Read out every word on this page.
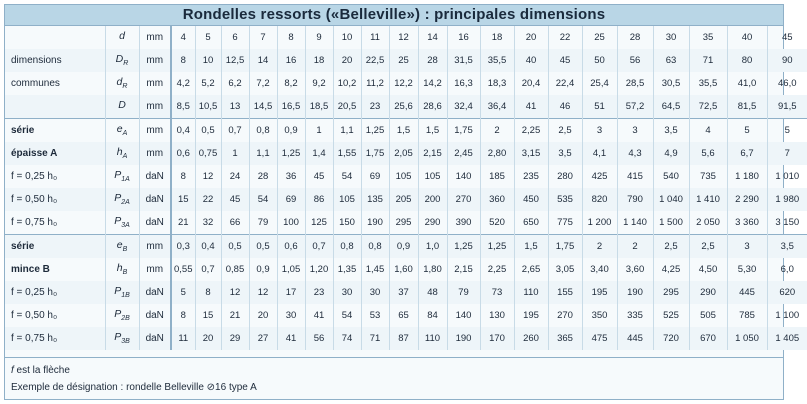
Rondelles ressorts («Belleville») : principales dimensions
	d	mm	4	5	6	7	8	9	10	11	12	14	16	18	20	22	25	28	30	35	40	45
dimensions	$D_R$	mm	8	10	12,5	14	16	18	20	22,5	25	28	31,5	35,5	40	45	50	56	63	71	80	90
communes	$d_R$	mm	4,2	5,2	6,2	7,2	8,2	9,2	10,2	11,2	12,2	14,2	16,3	18,3	20,4	22,4	25,4	28,5	30,5	35,5	41,0	46,0
	D	mm	8,5	10,5	13	14,5	16,5	18,5	20,5	23	25,6	28,6	32,4	36,4	41	46	51	57,2	64,5	72,5	81,5	91,5
série	$e_A$	mm	0,4	0,5	0,7	0,8	0,9	1	1,1	1,25	1,5	1,5	1,75	2	2,25	2,5	3	3	3,5	4	5	5
épaisse A	$h_A$	mm	0,6	0,75	1	1,1	1,25	1,4	1,55	1,75	2,05	2,15	2,45	2,80	3,15	3,5	4,1	4,3	4,9	5,6	6,7	7
f = 0,25 h₀	$P_{1A}$	daN	8	12	24	28	36	45	54	69	105	105	140	185	235	280	425	415	540	735	1 180	1 010
f = 0,50 h₀	$P_{2A}$	daN	15	22	45	54	69	86	105	135	205	200	270	360	450	535	820	790	1 040	1 410	2 290	1 980
f = 0,75 h₀	$P_{3A}$	daN	21	32	66	79	100	125	150	190	295	290	390	520	650	775	1 200	1 140	1 500	2 050	3 360	3 150
série	$e_B$	mm	0,3	0,4	0,5	0,5	0,6	0,7	0,8	0,8	0,9	1,0	1,25	1,25	1,5	1,75	2	2	2,5	2,5	3	3,5
mince B	$h_B$	mm	0,55	0,7	0,85	0,9	1,05	1,20	1,35	1,45	1,60	1,80	2,15	2,25	2,65	3,05	3,40	3,60	4,25	4,50	5,30	6,0
f = 0,25 h₀	$P_{1B}$	daN	5	8	12	12	17	23	30	30	37	48	79	73	110	155	195	190	295	290	445	620
f = 0,50 h₀	$P_{2B}$	daN	8	15	21	20	30	41	54	53	65	84	140	130	195	270	350	335	525	505	785	1 100
f = 0,75 h₀	$P_{3B}$	daN	11	20	29	27	41	56	74	71	87	110	190	170	260	365	475	445	720	670	1 050	1 405
f est la flèche
Exemple de désignation : rondelle Belleville ⊘16 type A
